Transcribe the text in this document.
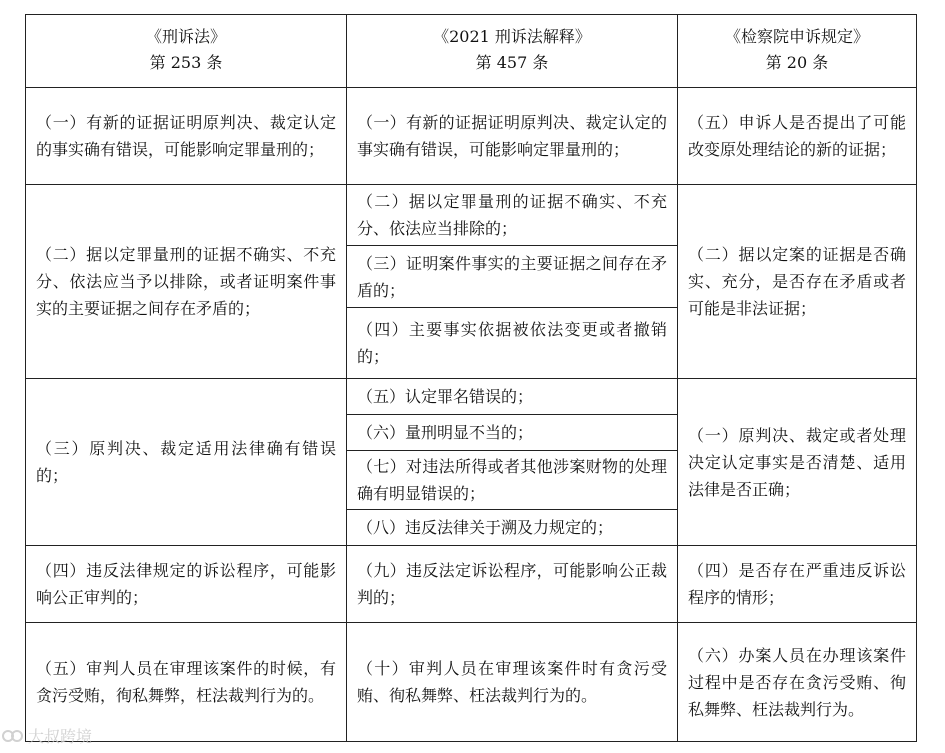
《刑诉法》
第 253 条
《2021 刑诉法解释》
第 457 条
《检察院申诉规定》
第 20 条
（一）有新的证据证明原判决、裁定认定的事实确有错误，可能影响定罪量刑的；
（一）有新的证据证明原判决、裁定认定的事实确有错误，可能影响定罪量刑的；
（五）申诉人是否提出了可能改变原处理结论的新的证据；
（二）据以定罪量刑的证据不确实、不充分、依法应当予以排除，或者证明案件事实的主要证据之间存在矛盾的；
（二）据以定罪量刑的证据不确实、不充分、依法应当排除的；
（三）证明案件事实的主要证据之间存在矛盾的；
（四）主要事实依据被依法变更或者撤销的；
（二）据以定案的证据是否确实、充分，是否存在矛盾或者可能是非法证据；
（三）原判决、裁定适用法律确有错误的；
（五）认定罪名错误的；
（六）量刑明显不当的；
（七）对违法所得或者其他涉案财物的处理确有明显错误的；
（八）违反法律关于溯及力规定的；
（一）原判决、裁定或者处理决定认定事实是否清楚、适用法律是否正确；
（四）违反法律规定的诉讼程序，可能影响公正审判的；
（九）违反法定诉讼程序，可能影响公正裁判的；
（四）是否存在严重违反诉讼程序的情形；
（五）审判人员在审理该案件的时候，有贪污受贿，徇私舞弊，枉法裁判行为的。
（十）审判人员在审理该案件时有贪污受贿、徇私舞弊、枉法裁判行为的。
（六）办案人员在办理该案件过程中是否存在贪污受贿、徇私舞弊、枉法裁判行为。
大叔跨境
